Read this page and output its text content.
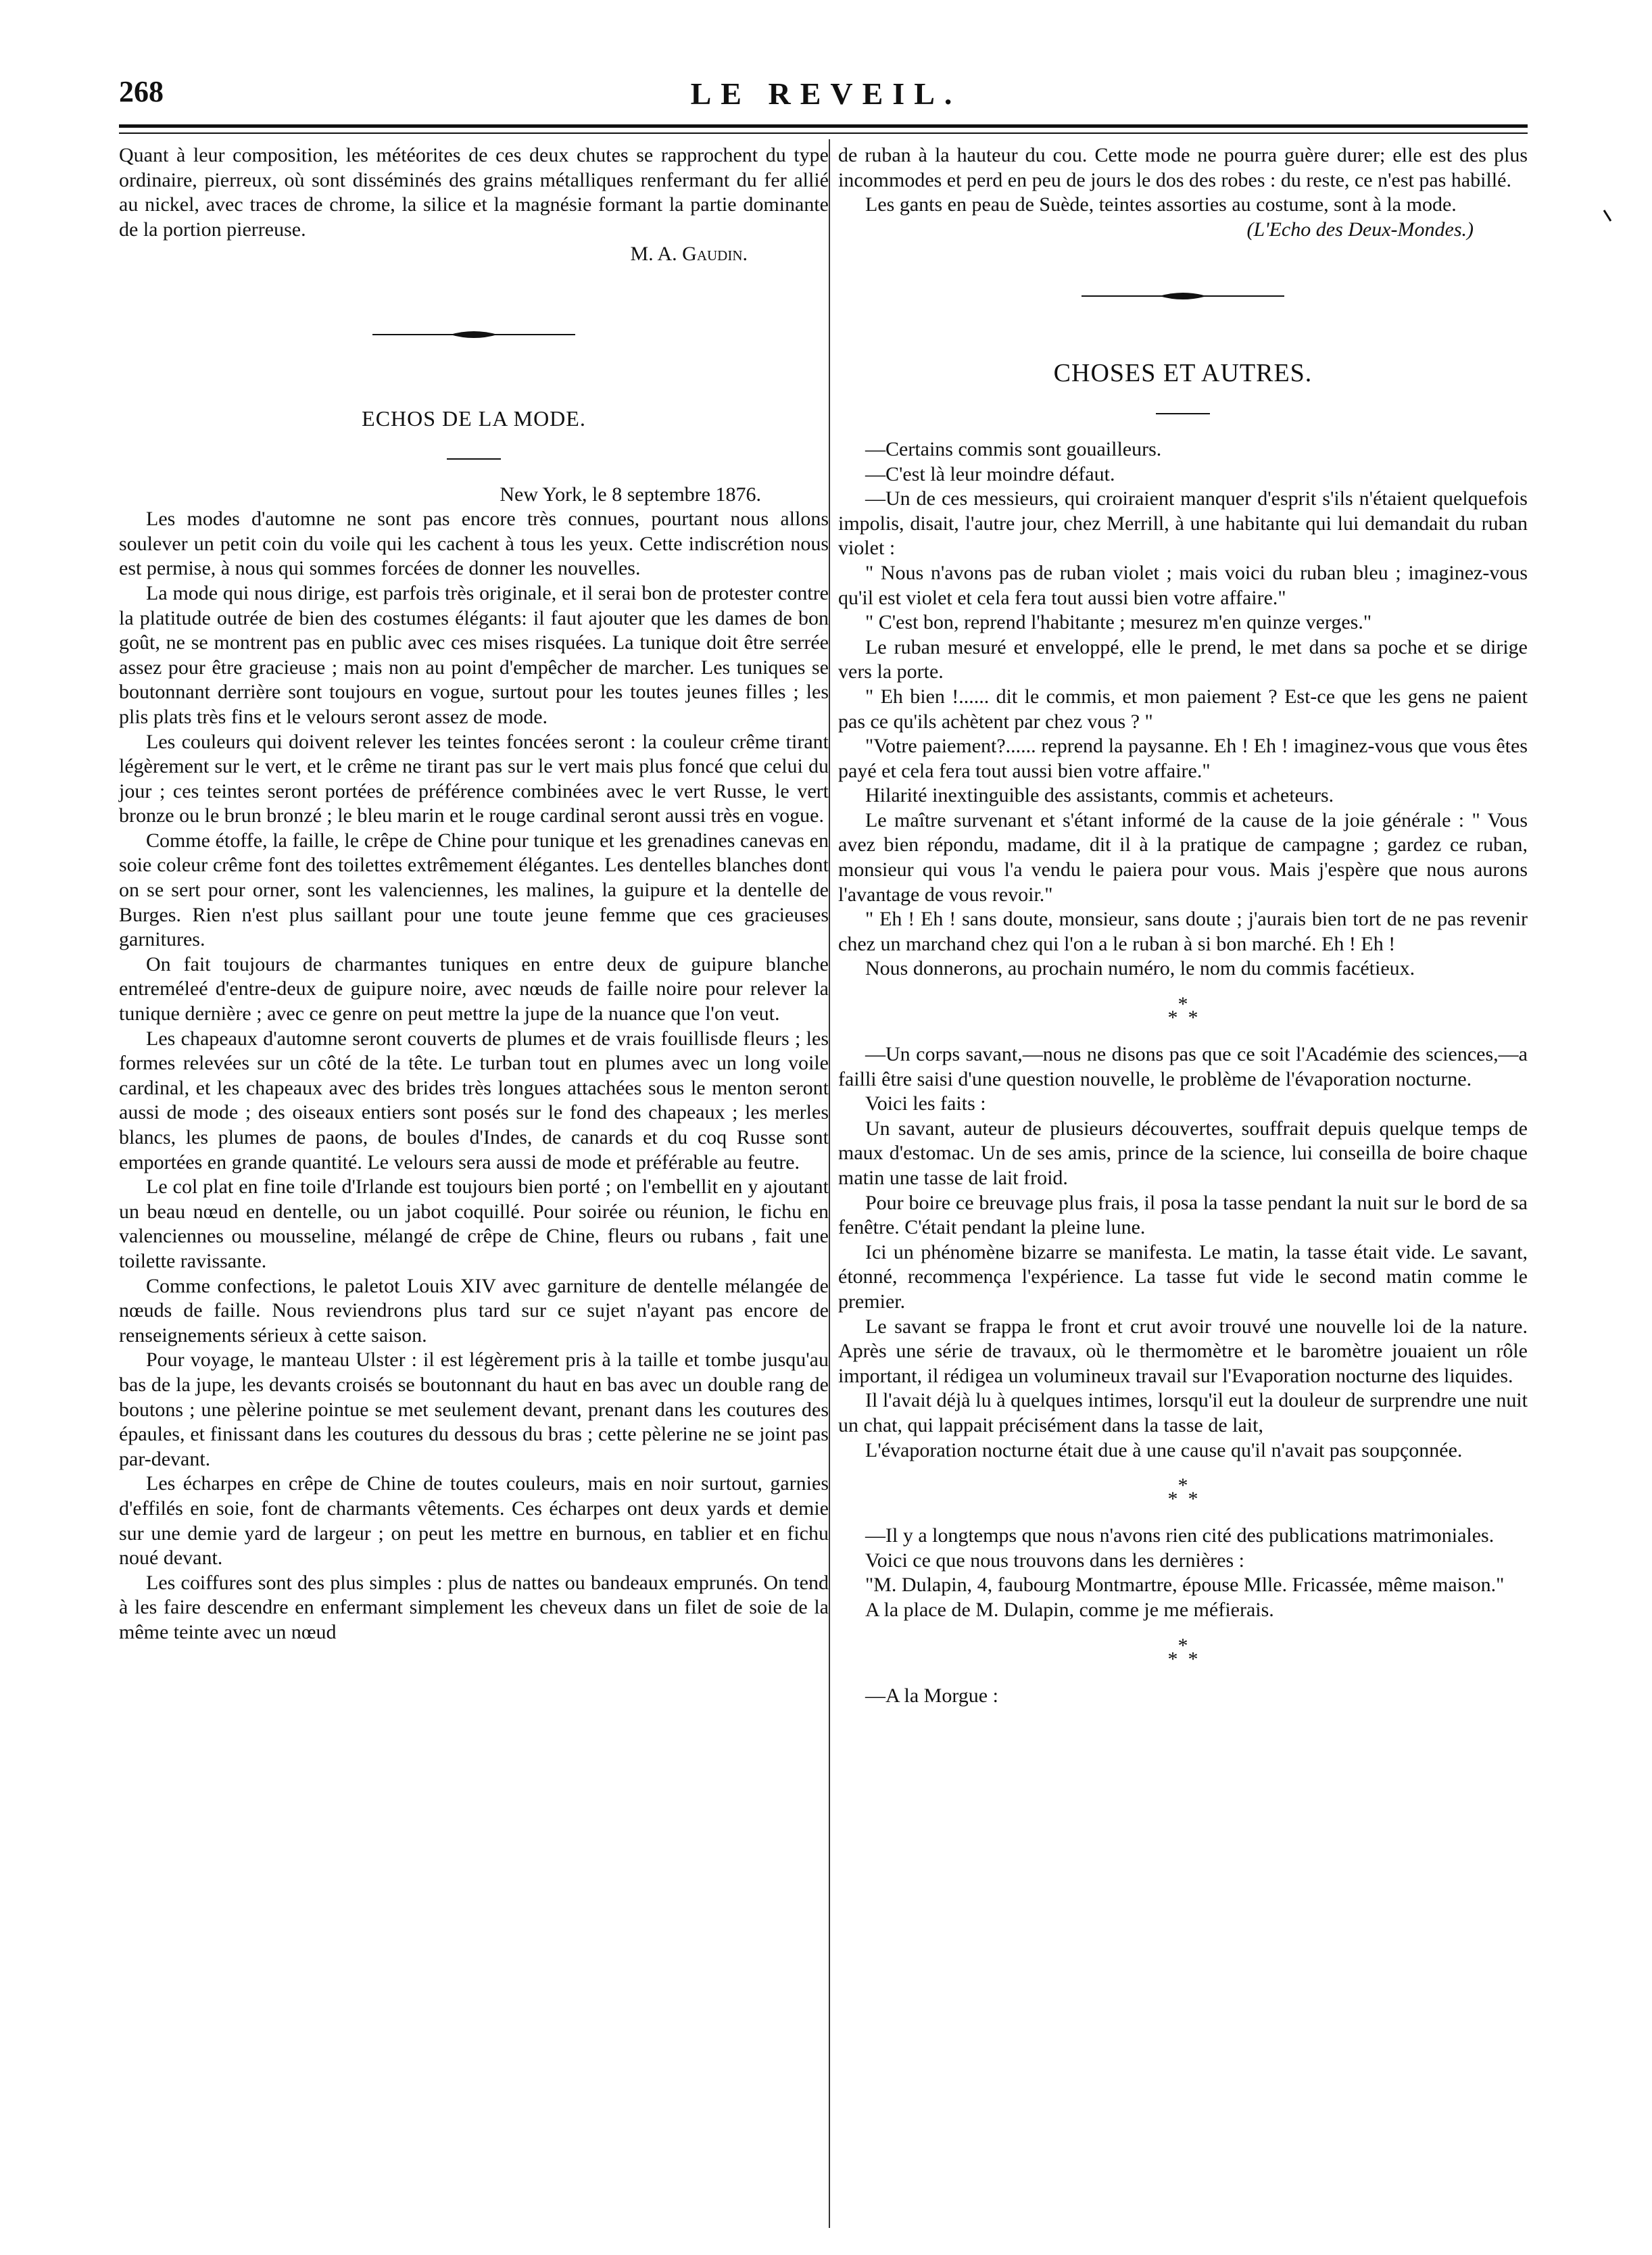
268	LE REVEIL.

Quant à leur composition, les météorites de ces deux chutes se rapprochent du type ordinaire, pierreux, où sont disséminés des grains métalliques renfermant du fer allié au nickel, avec traces de chrome, la silice et la magnésie formant la partie dominante de la portion pierreuse.

M. A. Gaudin.

ECHOS DE LA MODE.

New York, le 8 septembre 1876.

Les modes d'automne ne sont pas encore très connues, pourtant nous allons soulever un petit coin du voile qui les cachent à tous les yeux. Cette indiscrétion nous est permise, à nous qui sommes forcées de donner les nouvelles.

La mode qui nous dirige, est parfois très originale, et il serai bon de protester contre la platitude outrée de bien des costumes élégants: il faut ajouter que les dames de bon goût, ne se montrent pas en public avec ces mises risquées. La tunique doit être serrée assez pour être gracieuse ; mais non au point d'empêcher de marcher. Les tuniques se boutonnant derrière sont toujours en vogue, surtout pour les toutes jeunes filles ; les plis plats très fins et le velours seront assez de mode.

Les couleurs qui doivent relever les teintes foncées seront : la couleur crême tirant légèrement sur le vert, et le crême ne tirant pas sur le vert mais plus foncé que celui du jour ; ces teintes seront portées de préférence combinées avec le vert Russe, le vert bronze ou le brun bronzé ; le bleu marin et le rouge cardinal seront aussi très en vogue.

Comme étoffe, la faille, le crêpe de Chine pour tunique et les grenadines canevas en soie coleur crême font des toilettes extrêmement élégantes. Les dentelles blanches dont on se sert pour orner, sont les valenciennes, les malines, la guipure et la dentelle de Burges. Rien n'est plus saillant pour une toute jeune femme que ces gracieuses garnitures.

On fait toujours de charmantes tuniques en entre deux de guipure blanche entreméleé d'entre-deux de guipure noire, avec nœuds de faille noire pour relever la tunique dernière ; avec ce genre on peut mettre la jupe de la nuance que l'on veut.

Les chapeaux d'automne seront couverts de plumes et de vrais fouillisde fleurs ; les formes relevées sur un côté de la tête. Le turban tout en plumes avec un long voile cardinal, et les chapeaux avec des brides très longues attachées sous le menton seront aussi de mode ; des oiseaux entiers sont posés sur le fond des chapeaux ; les merles blancs, les plumes de paons, de boules d'Indes, de canards et du coq Russe sont emportées en grande quantité. Le velours sera aussi de mode et préférable au feutre.

Le col plat en fine toile d'Irlande est toujours bien porté ; on l'embellit en y ajoutant un beau nœud en dentelle, ou un jabot coquillé. Pour soirée ou réunion, le fichu en valenciennes ou mousseline, mélangé de crêpe de Chine, fleurs ou rubans , fait une toilette ravissante.

Comme confections, le paletot Louis XIV avec garniture de dentelle mélangée de nœuds de faille. Nous reviendrons plus tard sur ce sujet n'ayant pas encore de renseignements sérieux à cette saison.

Pour voyage, le manteau Ulster : il est légèrement pris à la taille et tombe jusqu'au bas de la jupe, les devants croisés se boutonnant du haut en bas avec un double rang de boutons ; une pèlerine pointue se met seulement devant, prenant dans les coutures des épaules, et finissant dans les coutures du dessous du bras ; cette pèlerine ne se joint pas par-devant.

Les écharpes en crêpe de Chine de toutes couleurs, mais en noir surtout, garnies d'effilés en soie, font de charmants vêtements. Ces écharpes ont deux yards et demie sur une demie yard de largeur ; on peut les mettre en burnous, en tablier et en fichu noué devant.

Les coiffures sont des plus simples : plus de nattes ou bandeaux emprunés. On tend à les faire descendre en enfermant simplement les cheveux dans un filet de soie de la même teinte avec un nœud

de ruban à la hauteur du cou. Cette mode ne pourra guère durer; elle est des plus incommodes et perd en peu de jours le dos des robes : du reste, ce n'est pas habillé.

Les gants en peau de Suède, teintes assorties au costume, sont à la mode.

(L'Echo des Deux-Mondes.)

CHOSES ET AUTRES.

—Certains commis sont gouailleurs.

—C'est là leur moindre défaut.

—Un de ces messieurs, qui croiraient manquer d'esprit s'ils n'étaient quelquefois impolis, disait, l'autre jour, chez Merrill, à une habitante qui lui demandait du ruban violet :

" Nous n'avons pas de ruban violet ; mais voici du ruban bleu ; imaginez-vous qu'il est violet et cela fera tout aussi bien votre affaire."

" C'est bon, reprend l'habitante ; mesurez m'en quinze verges."

Le ruban mesuré et enveloppé, elle le prend, le met dans sa poche et se dirige vers la porte.

" Eh bien !...... dit le commis, et mon paiement ? Est-ce que les gens ne paient pas ce qu'ils achètent par chez vous ? "

"Votre paiement?...... reprend la paysanne. Eh ! Eh ! imaginez-vous que vous êtes payé et cela fera tout aussi bien votre affaire."

Hilarité inextinguible des assistants, commis et acheteurs.

Le maître survenant et s'étant informé de la cause de la joie générale : " Vous avez bien répondu, madame, dit il à la pratique de campagne ; gardez ce ruban, monsieur qui vous l'a vendu le paiera pour vous. Mais j'espère que nous aurons l'avantage de vous revoir."

" Eh ! Eh ! sans doute, monsieur, sans doute ; j'aurais bien tort de ne pas revenir chez un marchand chez qui l'on a le ruban à si bon marché. Eh ! Eh !

Nous donnerons, au prochain numéro, le nom du commis facétieux.

*
* *

—Un corps savant,—nous ne disons pas que ce soit l'Académie des sciences,—a failli être saisi d'une question nouvelle, le problème de l'évaporation nocturne.

Voici les faits :

Un savant, auteur de plusieurs découvertes, souffrait depuis quelque temps de maux d'estomac. Un de ses amis, prince de la science, lui conseilla de boire chaque matin une tasse de lait froid.

Pour boire ce breuvage plus frais, il posa la tasse pendant la nuit sur le bord de sa fenêtre. C'était pendant la pleine lune.

Ici un phénomène bizarre se manifesta. Le matin, la tasse était vide. Le savant, étonné, recommença l'expérience. La tasse fut vide le second matin comme le premier.

Le savant se frappa le front et crut avoir trouvé une nouvelle loi de la nature. Après une série de travaux, où le thermomètre et le baromètre jouaient un rôle important, il rédigea un volumineux travail sur l'Evaporation nocturne des liquides.

Il l'avait déjà lu à quelques intimes, lorsqu'il eut la douleur de surprendre une nuit un chat, qui lappait précisément dans la tasse de lait,

L'évaporation nocturne était due à une cause qu'il n'avait pas soupçonnée.

*
* *

—Il y a longtemps que nous n'avons rien cité des publications matrimoniales.

Voici ce que nous trouvons dans les dernières :

"M. Dulapin, 4, faubourg Montmartre, épouse Mlle. Fricassée, même maison."

A la place de M. Dulapin, comme je me méfierais.

*
* *

—A la Morgue :
